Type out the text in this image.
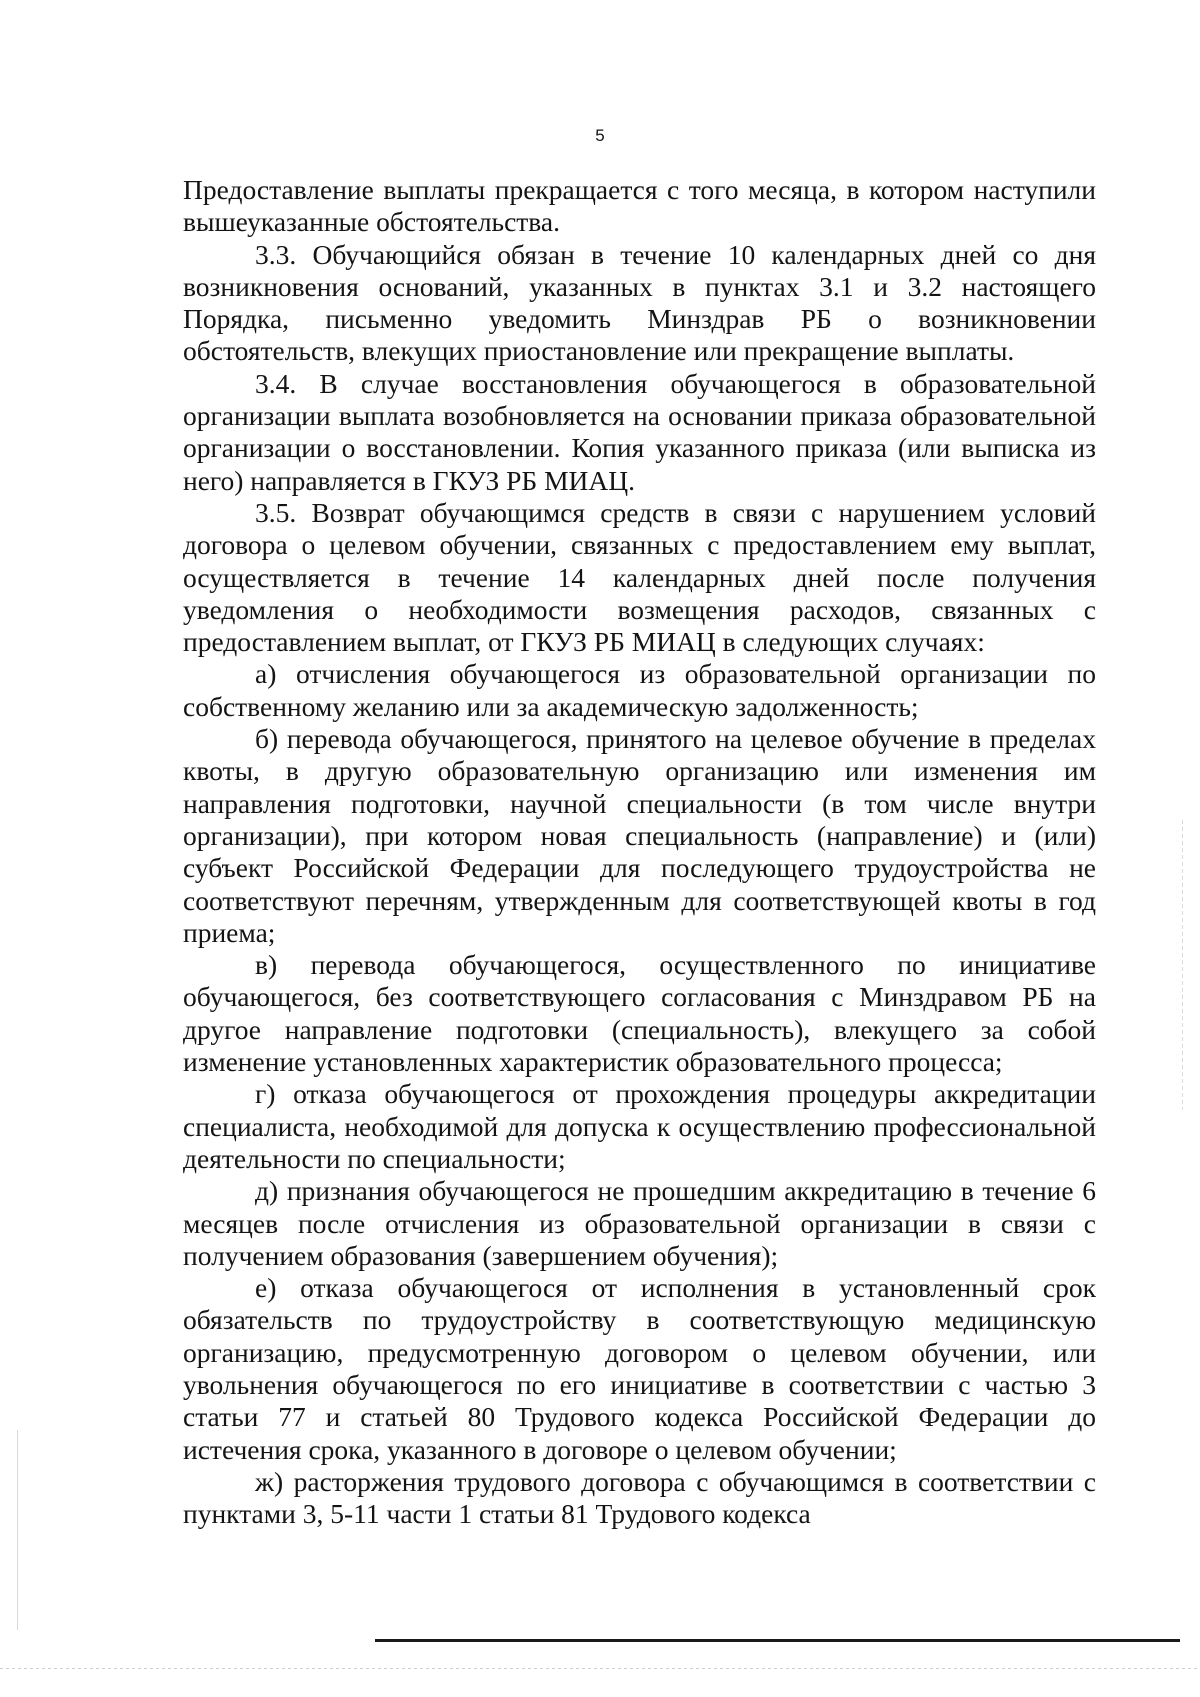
5

Предоставление выплаты прекращается с того месяца, в котором наступили вышеуказанные обстоятельства.

3.3. Обучающийся обязан в течение 10 календарных дней со дня возникновения оснований, указанных в пунктах 3.1 и 3.2 настоящего Порядка, письменно уведомить Минздрав РБ о возникновении обстоятельств, влекущих приостановление или прекращение выплаты.

3.4. В случае восстановления обучающегося в образовательной организации выплата возобновляется на основании приказа образовательной организации о восстановлении. Копия указанного приказа (или выписка из него) направляется в ГКУЗ РБ МИАЦ.

3.5. Возврат обучающимся средств в связи с нарушением условий договора о целевом обучении, связанных с предоставлением ему выплат, осуществляется в течение 14 календарных дней после получения уведомления о необходимости возмещения расходов, связанных с предоставлением выплат, от ГКУЗ РБ МИАЦ в следующих случаях:

а) отчисления обучающегося из образовательной организации по собственному желанию или за академическую задолженность;

б) перевода обучающегося, принятого на целевое обучение в пределах квоты, в другую образовательную организацию или изменения им направления подготовки, научной специальности (в том числе внутри организации), при котором новая специальность (направление) и (или) субъект Российской Федерации для последующего трудоустройства не соответствуют перечням, утвержденным для соответствующей квоты в год приема;

в) перевода обучающегося, осуществленного по инициативе обучающегося, без соответствующего согласования с Минздравом РБ на другое направление подготовки (специальность), влекущего за собой изменение установленных характеристик образовательного процесса;

г) отказа обучающегося от прохождения процедуры аккредитации специалиста, необходимой для допуска к осуществлению профессиональной деятельности по специальности;

д) признания обучающегося не прошедшим аккредитацию в течение 6 месяцев после отчисления из образовательной организации в связи с получением образования (завершением обучения);

е) отказа обучающегося от исполнения в установленный срок обязательств по трудоустройству в соответствующую медицинскую организацию, предусмотренную договором о целевом обучении, или увольнения обучающегося по его инициативе в соответствии с частью 3 статьи 77 и статьей 80 Трудового кодекса Российской Федерации до истечения срока, указанного в договоре о целевом обучении;

ж) расторжения трудового договора с обучающимся в соответствии с пунктами 3, 5-11 части 1 статьи 81 Трудового кодекса
